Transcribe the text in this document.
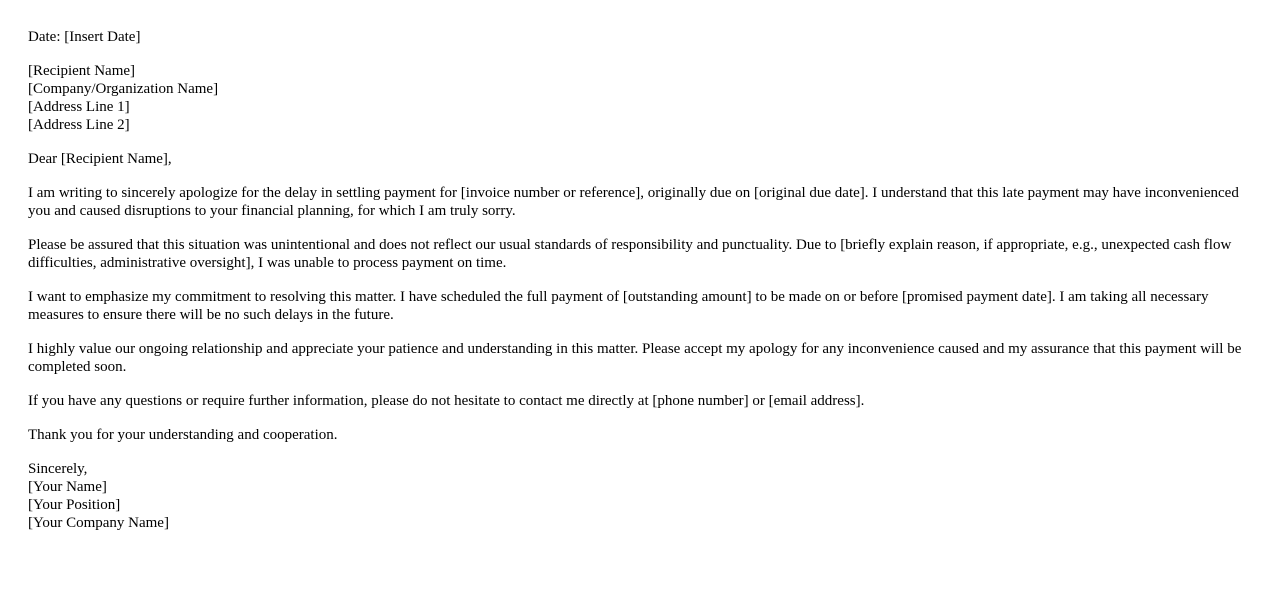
Date: [Insert Date]
[Recipient Name]
[Company/Organization Name]
[Address Line 1]
[Address Line 2]

Dear [Recipient Name],

I am writing to sincerely apologize for the delay in settling payment for [invoice number or reference], originally due on [original due date]. I understand that this late payment may have inconvenienced you and caused disruptions to your financial planning, for which I am truly sorry.

Please be assured that this situation was unintentional and does not reflect our usual standards of responsibility and punctuality. Due to [briefly explain reason, if appropriate, e.g., unexpected cash flow difficulties, administrative oversight], I was unable to process payment on time.

I want to emphasize my commitment to resolving this matter. I have scheduled the full payment of [outstanding amount] to be made on or before [promised payment date]. I am taking all necessary measures to ensure there will be no such delays in the future.

I highly value our ongoing relationship and appreciate your patience and understanding in this matter. Please accept my apology for any inconvenience caused and my assurance that this payment will be completed soon.

If you have any questions or require further information, please do not hesitate to contact me directly at [phone number] or [email address].

Thank you for your understanding and cooperation.

Sincerely,
[Your Name]
[Your Position]
[Your Company Name]
